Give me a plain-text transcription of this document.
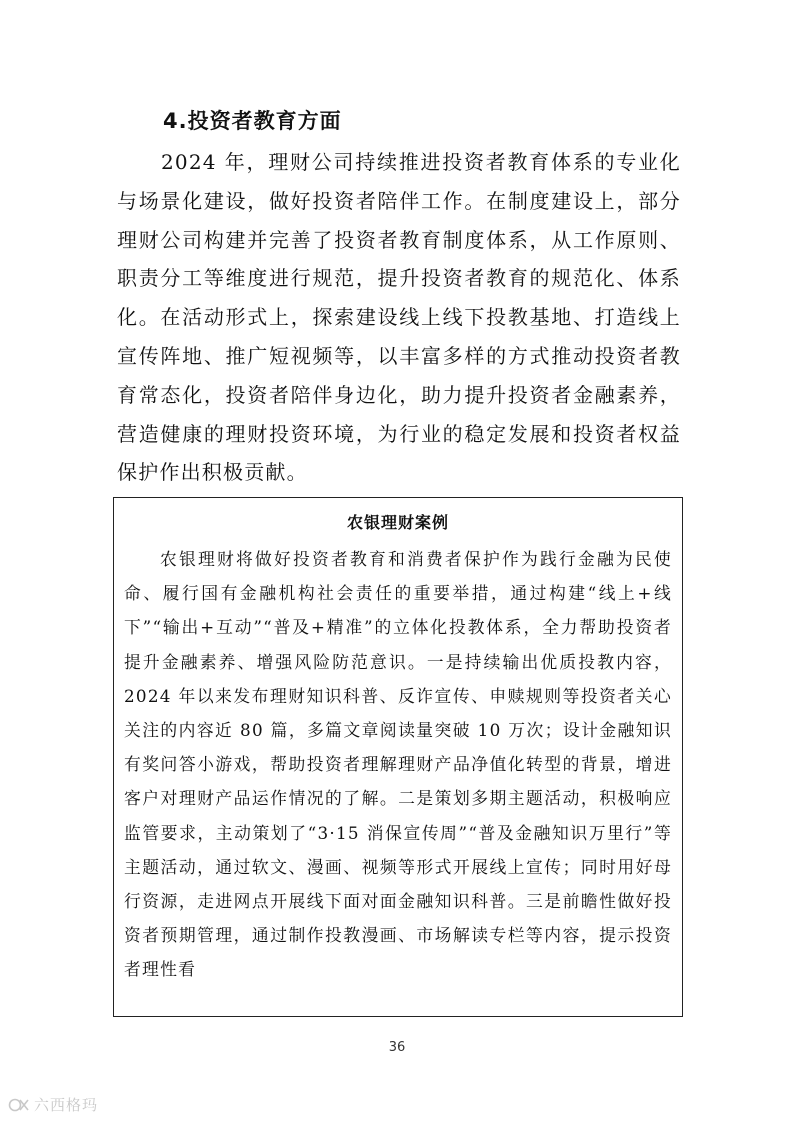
4.投资者教育方面

2024 年，理财公司持续推进投资者教育体系的专业化与场景化建设，做好投资者陪伴工作。在制度建设上，部分理财公司构建并完善了投资者教育制度体系，从工作原则、职责分工等维度进行规范，提升投资者教育的规范化、体系化。在活动形式上，探索建设线上线下投教基地、打造线上宣传阵地、推广短视频等，以丰富多样的方式推动投资者教育常态化，投资者陪伴身边化，助力提升投资者金融素养，营造健康的理财投资环境，为行业的稳定发展和投资者权益保护作出积极贡献。

农银理财案例

农银理财将做好投资者教育和消费者保护作为践行金融为民使命、履行国有金融机构社会责任的重要举措，通过构建“线上+线下”“输出+互动”“普及+精准”的立体化投教体系，全力帮助投资者提升金融素养、增强风险防范意识。一是持续输出优质投教内容，2024 年以来发布理财知识科普、反诈宣传、申赎规则等投资者关心关注的内容近 80 篇，多篇文章阅读量突破 10 万次；设计金融知识有奖问答小游戏，帮助投资者理解理财产品净值化转型的背景，增进客户对理财产品运作情况的了解。二是策划多期主题活动，积极响应监管要求，主动策划了“3·15 消保宣传周”“普及金融知识万里行”等主题活动，通过软文、漫画、视频等形式开展线上宣传；同时用好母行资源，走进网点开展线下面对面金融知识科普。三是前瞻性做好投资者预期管理，通过制作投教漫画、市场解读专栏等内容，提示投资者理性看

36
六西格玛
